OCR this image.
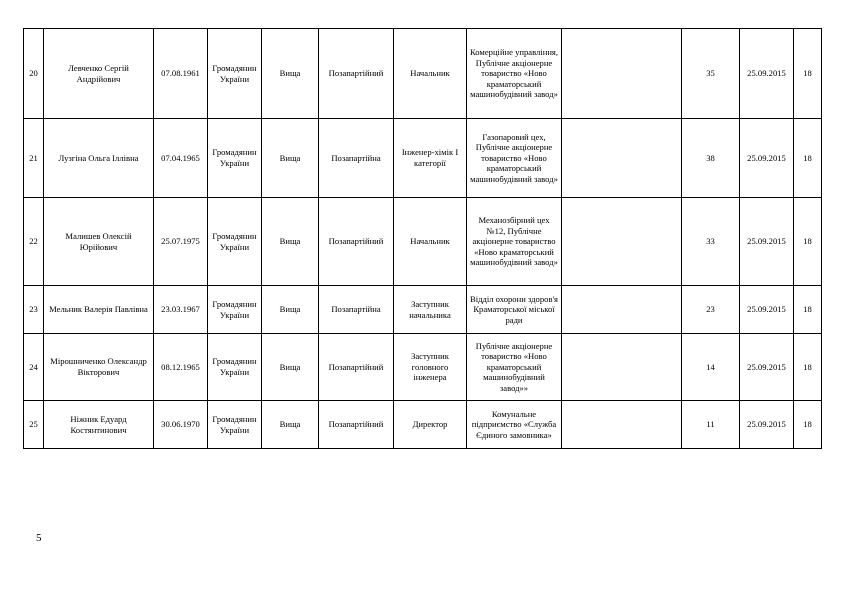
20	Левченко Сергій Андрійович	07.08.1961	Громадянин України	Вища	Позапартійний	Начальник	Комерційне управління, Публічне акціонерне товариство «Ново краматорський машинобудівний завод»		35	25.09.2015	18
21	Лузгіна Ольга Іллівна	07.04.1965	Громадянин України	Вища	Позапартійна	Інженер-хімік І категорії	Газопаровий цех, Публічне акціонерне товариство «Ново краматорський машинобудівний завод»		38	25.09.2015	18
22	Малишев Олексій Юрійович	25.07.1975	Громадянин України	Вища	Позапартійний	Начальник	Механозбірний цех №12, Публічне акціонерне товариство «Ново краматорський машинобудівний завод»		33	25.09.2015	18
23	Мельник Валерія Павлівна	23.03.1967	Громадянин України	Вища	Позапартійна	Заступник начальника	Відділ охорони здоров'я Краматорської міської ради		23	25.09.2015	18
24	Мірошниченко Олександр Вікторович	08.12.1965	Громадянин України	Вища	Позапартійний	Заступник головного інженера	Публічне акціонерне товариство «Ново краматорський машинобудівний завод»»		14	25.09.2015	18
25	Ніжник Едуард Костянтинович	30.06.1970	Громадянин України	Вища	Позапартійний	Директор	Комунальне підприємство «Служба Єдиного замовника»		11	25.09.2015	18
5
